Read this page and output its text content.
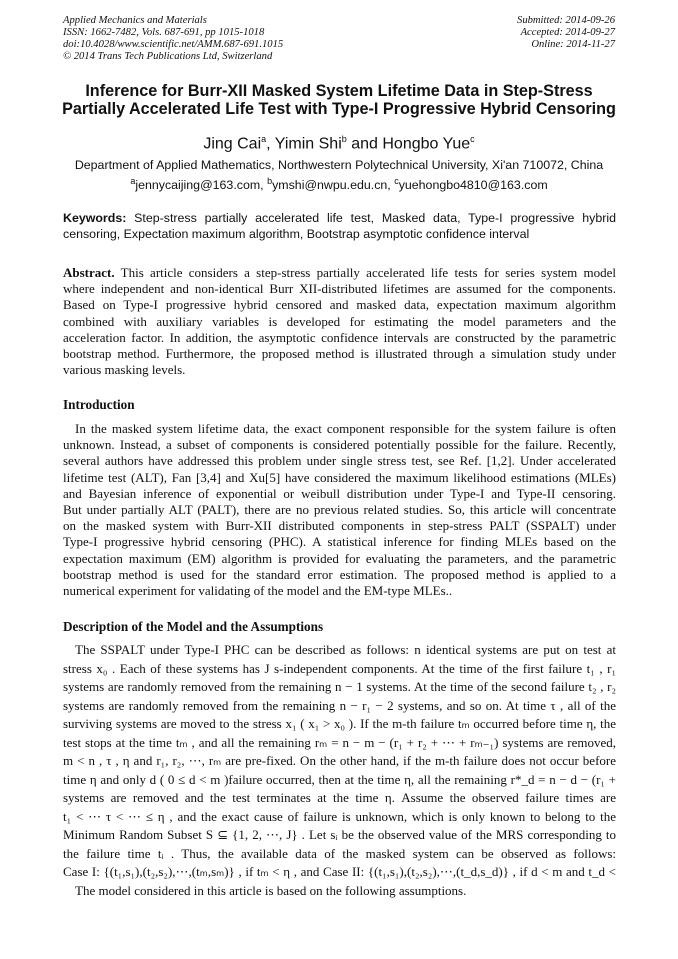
Applied Mechanics and Materials
ISSN: 1662-7482, Vols. 687-691, pp 1015-1018
doi:10.4028/www.scientific.net/AMM.687-691.1015
© 2014 Trans Tech Publications Ltd, Switzerland
Submitted: 2014-09-26
Accepted: 2014-09-27
Online: 2014-11-27
Inference for Burr-XII Masked System Lifetime Data in Step-Stress
Partially Accelerated Life Test with Type-I Progressive Hybrid Censoring
Jing Cai$^a$, Yimin Shi$^b$ and Hongbo Yue$^c$
Department of Applied Mathematics, Northwestern Polytechnical University, Xi'an 710072, China
$^a$jennycaijing@163.com, $^b$ymshi@nwpu.edu.cn, $^c$yuehongbo4810@163.com
Keywords: Step-stress partially accelerated life test, Masked data, Type-I progressive hybrid
censoring, Expectation maximum algorithm, Bootstrap asymptotic confidence interval
Abstract. This article considers a step-stress partially accelerated life tests for series system model
where independent and non-identical Burr XII-distributed lifetimes are assumed for the components.
Based on Type-I progressive hybrid censored and masked data, expectation maximum algorithm
combined with auxiliary variables is developed for estimating the model parameters and the
acceleration factor. In addition, the asymptotic confidence intervals are constructed by the parametric
bootstrap method. Furthermore, the proposed method is illustrated through a simulation study under
various masking levels.
Introduction
In the masked system lifetime data, the exact component responsible for the system failure is often
unknown. Instead, a subset of components is considered potentially possible for the failure. Recently,
several authors have addressed this problem under single stress test, see Ref. [1,2]. Under accelerated
lifetime test (ALT), Fan [3,4] and Xu[5] have considered the maximum likelihood estimations (MLEs)
and Bayesian inference of exponential or weibull distribution under Type-I and Type-II censoring.
But under partially ALT (PALT), there are no previous related studies. So, this article will concentrate
on the masked system with Burr-XII distributed components in step-stress PALT (SSPALT) under
Type-I progressive hybrid censoring (PHC). A statistical inference for finding MLEs based on the
expectation maximum (EM) algorithm is provided for evaluating the parameters, and the parametric
bootstrap method is used for the standard error estimation. The proposed method is applied to a
numerical experiment for validating of the model and the EM-type MLEs..
Description of the Model and the Assumptions
The SSPALT under Type-I PHC can be described as follows: n identical systems are put on test at
stress x₀ . Each of these systems has J s-independent components. At the time of the first failure t₁ , r₁
systems are randomly removed from the remaining n − 1 systems. At the time of the second failure t₂ , r₂
systems are randomly removed from the remaining n − r₁ − 2 systems, and so on. At time τ , all of the
surviving systems are moved to the stress x₁ ( x₁ > x₀ ). If the m-th failure tₘ occurred before time η, the
test stops at the time tₘ , and all the remaining rₘ = n − m − (r₁ + r₂ + ⋯ + rₘ₋₁) systems are removed,
m < n , τ , η and r₁, r₂, ⋯, rₘ are pre-fixed. On the other hand, if the m-th failure does not occur before
time η and only d ( 0 ≤ d < m )failure occurred, then at the time η, all the remaining r*_d = n − d − (r₁ +
systems are removed and the test terminates at the time η. Assume the observed failure times are
t₁ < ⋯ τ < ⋯ ≤ η , and the exact cause of failure is unknown, which is only known to belong to the
Minimum Random Subset S ⊆ {1, 2, ⋯, J} . Let sᵢ be the observed value of the MRS corresponding to
the failure time tᵢ . Thus, the available data of the masked system can be observed as follows:
Case I: {(t₁,s₁),(t₂,s₂),⋯,(tₘ,sₘ)} , if tₘ < η , and Case II: {(t₁,s₁),(t₂,s₂),⋯,(t_d,s_d)} , if d < m and t_d <
The model considered in this article is based on the following assumptions.
